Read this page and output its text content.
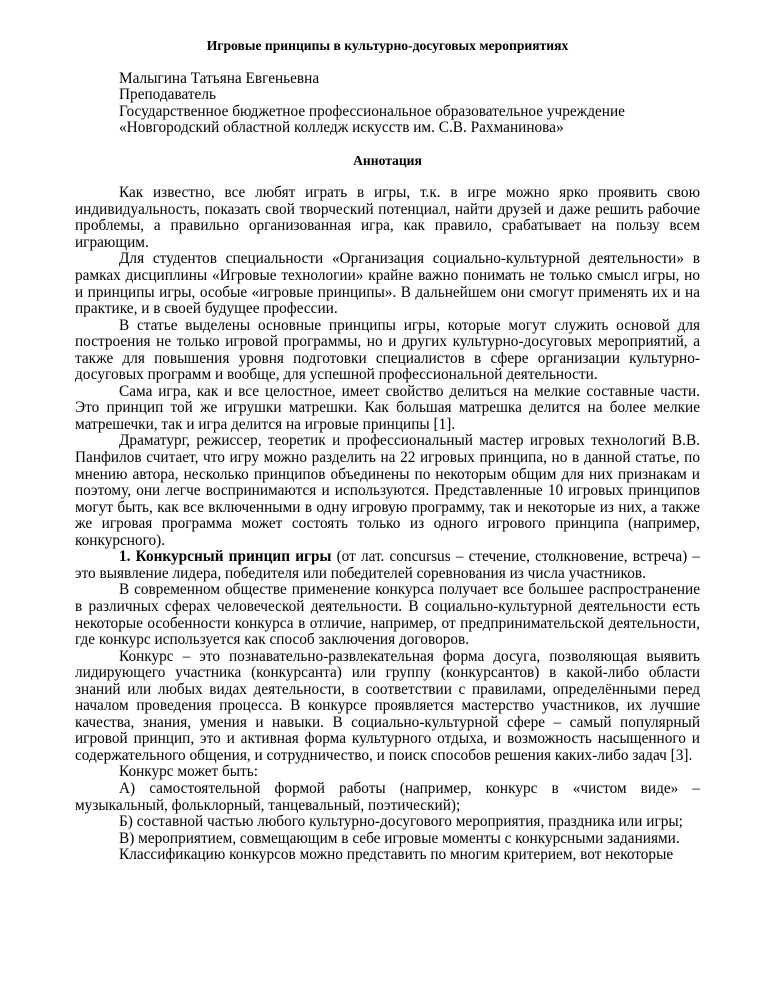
Игровые принципы в культурно-досуговых мероприятиях

Малыгина Татьяна Евгеньевна
Преподаватель
Государственное бюджетное профессиональное образовательное учреждение
«Новгородский областной колледж искусств им. С.В. Рахманинова»

Аннотация

Как известно, все любят играть в игры, т.к. в игре можно ярко проявить свою индивидуальность, показать свой творческий потенциал, найти друзей и даже решить рабочие проблемы, а правильно организованная игра, как правило, срабатывает на пользу всем играющим.

Для студентов специальности «Организация социально-культурной деятельности» в рамках дисциплины «Игровые технологии» крайне важно понимать не только смысл игры, но и принципы игры, особые «игровые принципы». В дальнейшем они смогут применять их и на практике, и в своей будущее профессии.

В статье выделены основные принципы игры, которые могут служить основой для построения не только игровой программы, но и других культурно-досуговых мероприятий, а также для повышения уровня подготовки специалистов в сфере организации культурно-досуговых программ и вообще, для успешной профессиональной деятельности.

Сама игра, как и все целостное, имеет свойство делиться на мелкие составные части. Это принцип той же игрушки матрешки. Как большая матрешка делится на более мелкие матрешечки, так и игра делится на игровые принципы [1].

Драматург, режиссер, теоретик и профессиональный мастер игровых технологий В.В. Панфилов считает, что игру можно разделить на 22 игровых принципа, но в данной статье, по мнению автора, несколько принципов объединены по некоторым общим для них признакам и поэтому, они легче воспринимаются и используются. Представленные 10 игровых принципов могут быть, как все включенными в одну игровую программу, так и некоторые из них, а также же игровая программа может состоять только из одного игрового принципа (например, конкурсного).

1. Конкурсный принцип игры (от лат. concursus – стечение, столкновение, встреча) – это выявление лидера, победителя или победителей соревнования из числа участников.

В современном обществе применение конкурса получает все большее распространение в различных сферах человеческой деятельности. В социально-культурной деятельности есть некоторые особенности конкурса в отличие, например, от предпринимательской деятельности, где конкурс используется как способ заключения договоров.

Конкурс – это познавательно-развлекательная форма досуга, позволяющая выявить лидирующего участника (конкурсанта) или группу (конкурсантов) в какой-либо области знаний или любых видах деятельности, в соответствии с правилами, определёнными перед началом проведения процесса. В конкурсе проявляется мастерство участников, их лучшие качества, знания, умения и навыки. В социально-культурной сфере – самый популярный игровой принцип, это и активная форма культурного отдыха, и возможность насыщенного и содержательного общения, и сотрудничество, и поиск способов решения каких-либо задач [3].

Конкурс может быть:

А) самостоятельной формой работы (например, конкурс в «чистом виде» – музыкальный, фольклорный, танцевальный, поэтический);

Б) составной частью любого культурно-досугового мероприятия, праздника или игры;

В) мероприятием, совмещающим в себе игровые моменты с конкурсными заданиями.

Классификацию конкурсов можно представить по многим критерием, вот некоторые
